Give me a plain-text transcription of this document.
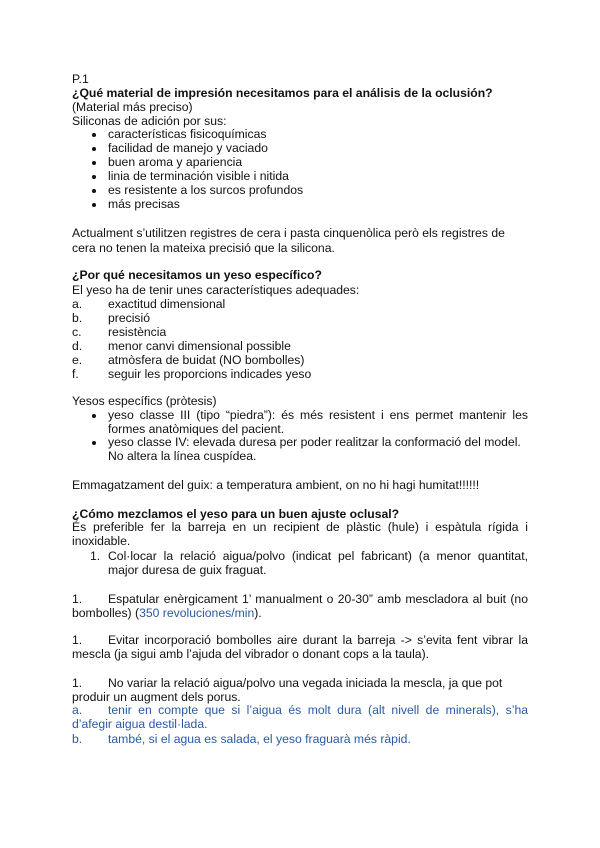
P.1
¿Qué material de impresión necesitamos para el análisis de la oclusión?
(Material más preciso)
Siliconas de adición por sus:
características fisicoquímicas
facilidad de manejo y vaciado
buen aroma y apariencia
linia de terminación visible i nitida
es resistente a los surcos profundos
más precisas
Actualment s’utilitzen registres de cera i pasta cinquenòlica però els registres de
cera no tenen la mateixa precisió que la silicona.
¿Por qué necesitamos un yeso específico?
El yeso ha de tenir unes característiques adequades:
a. exactitud dimensional
b. precisió
c. resistència
d. menor canvi dimensional possible
e. atmòsfera de buidat (NO bombolles)
f. seguir les proporcions indicades yeso
Yesos específics (pròtesis)
yeso classe III (tipo “piedra”): és més resistent i ens permet mantenir les
formes anatòmiques del pacient.
yeso classe IV: elevada duresa per poder realitzar la conformació del model.
No altera la línea cuspídea.
Emmagatzament del guix: a temperatura ambient, on no hi hagi humitat!!!!!!
¿Cómo mezclamos el yeso para un buen ajuste oclusal?
És preferible fer la barreja en un recipient de plàstic (hule) i espàtula rígida i
inoxidable.
1. Col·locar la relació aigua/polvo (indicat pel fabricant) (a menor quantitat,
major duresa de guix fraguat.
1. Espatular enèrgicament 1’ manualment o 20-30” amb mescladora al buit (no
bombolles) (350 revoluciones/min).
1. Evitar incorporació bombolles aire durant la barreja -> s’evita fent vibrar la
mescla (ja sigui amb l’ajuda del vibrador o donant cops a la taula).
1. No variar la relació aigua/polvo una vegada iniciada la mescla, ja que pot
produir un augment dels porus.
a. tenir en compte que si l’aigua és molt dura (alt nivell de minerals), s’ha
d’afegir aigua destil·lada.
b. també, si el agua es salada, el yeso fraguarà més ràpid.
